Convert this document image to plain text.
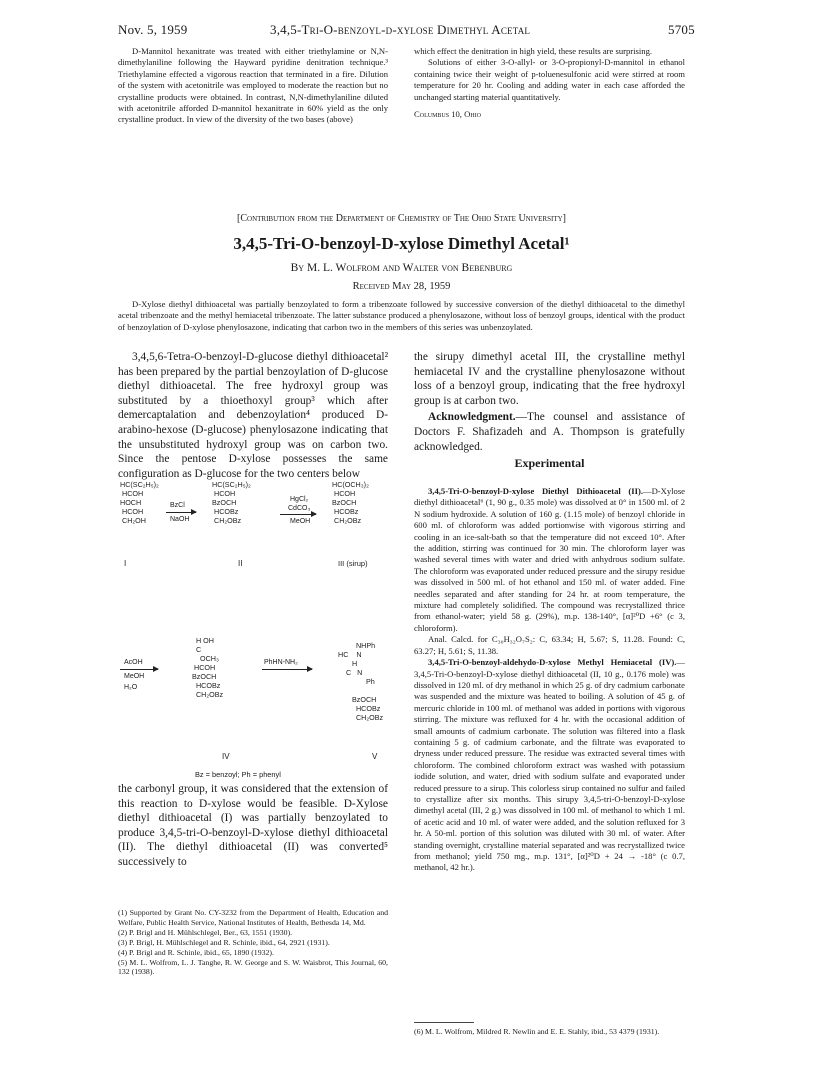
Nov. 5, 1959	3,4,5-Tri-O-benzoyl-d-xylose Dimethyl Acetal	5705

D-Mannitol hexanitrate was treated with either triethylamine or N,N-dimethylaniline following the Hayward pyridine denitration technique.³ Triethylamine effected a vigorous reaction that terminated in a fire. Dilution of the system with acetonitrile was employed to moderate the reaction but no crystalline products were obtained. In contrast, N,N-dimethylaniline diluted with acetonitrile afforded D-mannitol hexanitrate in 60% yield as the only crystalline product. In view of the diversity of the two bases (above)

which effect the denitration in high yield, these results are surprising.

Solutions of either 3-O-allyl- or 3-O-propionyl-D-mannitol in ethanol containing twice their weight of p-toluenesulfonic acid were stirred at room temperature for 20 hr. Cooling and adding water in each case afforded the unchanged starting material quantitatively.

Columbus 10, Ohio

[Contribution from the Department of Chemistry of The Ohio State University]
3,4,5-Tri-O-benzoyl-D-xylose Dimethyl Acetal¹
By M. L. Wolfrom and Walter von Bebenburg
Received May 28, 1959

D-Xylose diethyl dithioacetal was partially benzoylated to form a tribenzoate followed by successive conversion of the diethyl dithioacetal to the dimethyl acetal tribenzoate and the methyl hemiacetal tribenzoate. The latter substance produced a phenylosazone, without loss of benzoyl groups, identical with the product of benzoylation of D-xylose phenylosazone, indicating that carbon two in the members of this series was unbenzoylated.

3,4,5,6-Tetra-O-benzoyl-D-glucose diethyl dithioacetal² has been prepared by the partial benzoylation of D-glucose diethyl dithioacetal. The free hydroxyl group was substituted by a thioethoxyl group³ which after demercaptalation and debenzoylation⁴ produced D-arabino-hexose (D-glucose) phenylosazone indicating that the unsubstituted hydroxyl group was on carbon two. Since the pentose D-xylose possesses the same configuration as D-glucose for the two centers below

HC(SC₂H₅)₂
HCOH
HOCH
HCOH
CH₂OH
I
BzCl
NaOH
HC(SC₂H₅)₂
HCOH
BzOCH
HCOBz
CH₂OBz
II
HgCl₂
CdCO₃
MeOH
HC(OCH₃)₂
HCOH
BzOCH
HCOBz
CH₂OBz
III (sirup)
AcOH
MeOH
H₂O
H OH
C
OCH₃
HCOH
BzOCH
HCOBz
CH₂OBz
IV
PhHN-NH₂
NHPh
HC    N
H
C   N
Ph
BzOCH
HCOBz
CH₂OBz
V
Bz = benzoyl; Ph = phenyl

the carbonyl group, it was considered that the extension of this reaction to D-xylose would be feasible. D-Xylose diethyl dithioacetal (I) was partially benzoylated to produce 3,4,5-tri-O-benzoyl-D-xylose diethyl dithioacetal (II). The diethyl dithioacetal (II) was converted⁵ successively to

(1) Supported by Grant No. CY-3232 from the Department of Health, Education and Welfare, Public Health Service, National Institutes of Health, Bethesda 14, Md.

(2) P. Brigl and H. Mühlschlegel, Ber., 63, 1551 (1930).

(3) P. Brigl, H. Mühlschlegel and R. Schinle, ibid., 64, 2921 (1931).

(4) P. Brigl and R. Schinle, ibid., 65, 1890 (1932).

(5) M. L. Wolfrom, L. J. Tanghe, R. W. George and S. W. Waisbrot, This Journal, 60, 132 (1938).

the sirupy dimethyl acetal III, the crystalline methyl hemiacetal IV and the crystalline phenylosazone without loss of a benzoyl group, indicating that the free hydroxyl group is at carbon two.

Acknowledgment.—The counsel and assistance of Doctors F. Shafizadeh and A. Thompson is gratefully acknowledged.

Experimental

3,4,5-Tri-O-benzoyl-D-xylose Diethyl Dithioacetal (II).—D-Xylose diethyl dithioacetal⁶ (1, 90 g., 0.35 mole) was dissolved at 0° in 1500 ml. of 2 N sodium hydroxide. A solution of 160 g. (1.15 mole) of benzoyl chloride in 600 ml. of chloroform was added portionwise with vigorous stirring and cooling in an ice-salt-bath so that the temperature did not exceed 10°. After the addition, stirring was continued for 30 min. The chloroform layer was washed several times with water and dried with anhydrous sodium sulfate. The chloroform was evaporated under reduced pressure and the sirupy residue was dissolved in 500 ml. of hot ethanol and 150 ml. of water added. Fine needles separated and after standing for 24 hr. at room temperature, the mixture had completely solidified. The compound was recrystallized thrice from ethanol-water; yield 58 g. (29%), m.p. 138-140°, [α]²⁰D +6° (c 3, chloroform).

Anal. Calcd. for C₃₀H₃₂O₇S₂: C, 63.34; H, 5.67; S, 11.28. Found: C, 63.27; H, 5.61; S, 11.38.

3,4,5-Tri-O-benzoyl-aldehydo-D-xylose Methyl Hemiacetal (IV).—3,4,5-Tri-O-benzoyl-D-xylose diethyl dithioacetal (II, 10 g., 0.176 mole) was dissolved in 120 ml. of dry methanol in which 25 g. of dry cadmium carbonate was suspended and the mixture was heated to boiling. A solution of 45 g. of mercuric chloride in 100 ml. of methanol was added in portions with vigorous stirring. The mixture was refluxed for 4 hr. with the occasional addition of small amounts of cadmium carbonate. The solution was filtered into a flask containing 5 g. of cadmium carbonate, and the filtrate was evaporated to dryness under reduced pressure. The residue was extracted several times with chloroform. The combined chloroform extract was washed with potassium iodide solution, and water, dried with sodium sulfate and evaporated under reduced pressure to a sirup. This colorless sirup contained no sulfur and failed to crystallize after six months. This sirupy 3,4,5-tri-O-benzoyl-D-xylose dimethyl acetal (III, 2 g.) was dissolved in 100 ml. of methanol to which 1 ml. of acetic acid and 10 ml. of water were added, and the solution refluxed for 3 hr. A 50-ml. portion of this solution was diluted with 30 ml. of water. After standing overnight, crystalline material separated and was recrystallized twice from methanol; yield 750 mg., m.p. 131°, [α]²⁰D + 24 → -18° (c 0.7, methanol, 42 hr.).

(6) M. L. Wolfrom, Mildred R. Newlin and E. E. Stahly, ibid., 53 4379 (1931).
